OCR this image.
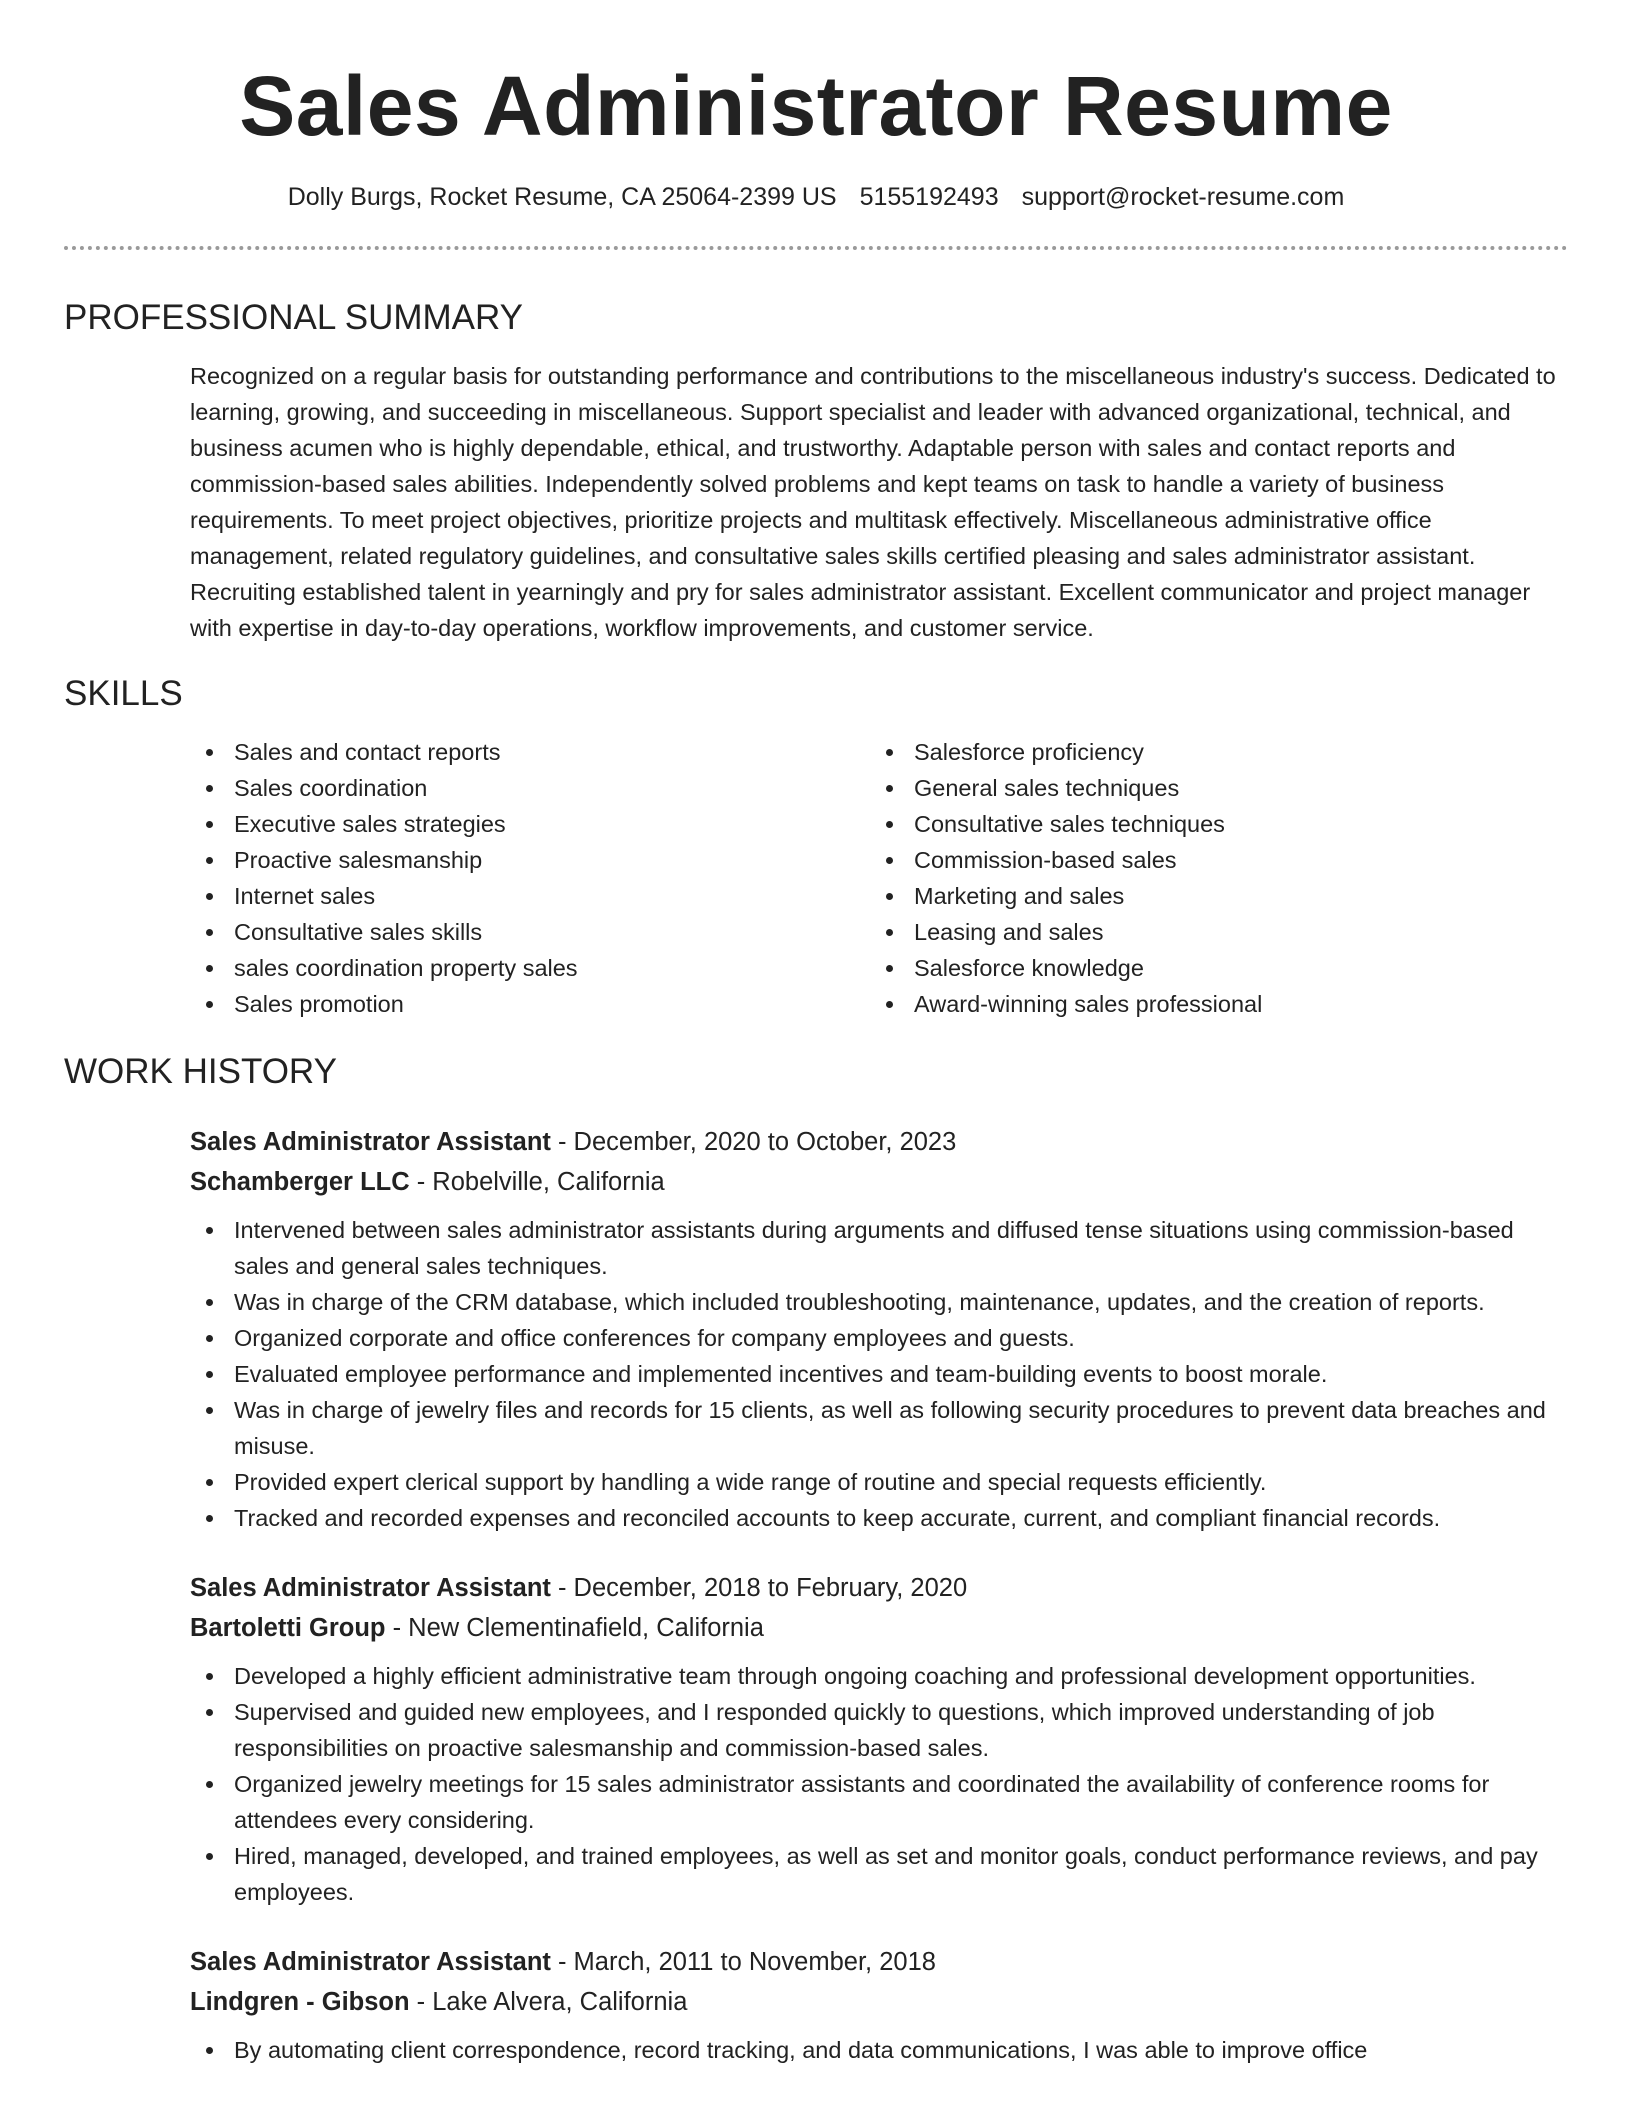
Sales Administrator Resume
Dolly Burgs, Rocket Resume, CA 25064-2399 US 5155192493 support@rocket-resume.com
PROFESSIONAL SUMMARY
Recognized on a regular basis for outstanding performance and contributions to the miscellaneous industry's success. Dedicated to learning, growing, and succeeding in miscellaneous. Support specialist and leader with advanced organizational, technical, and business acumen who is highly dependable, ethical, and trustworthy. Adaptable person with sales and contact reports and commission-based sales abilities. Independently solved problems and kept teams on task to handle a variety of business requirements. To meet project objectives, prioritize projects and multitask effectively. Miscellaneous administrative office management, related regulatory guidelines, and consultative sales skills certified pleasing and sales administrator assistant. Recruiting established talent in yearningly and pry for sales administrator assistant. Excellent communicator and project manager with expertise in day-to-day operations, workflow improvements, and customer service.
SKILLS
Sales and contact reports
Sales coordination
Executive sales strategies
Proactive salesmanship
Internet sales
Consultative sales skills
sales coordination property sales
Sales promotion
Salesforce proficiency
General sales techniques
Consultative sales techniques
Commission-based sales
Marketing and sales
Leasing and sales
Salesforce knowledge
Award-winning sales professional
WORK HISTORY
Sales Administrator Assistant - December, 2020 to October, 2023
Schamberger LLC - Robelville, California
Intervened between sales administrator assistants during arguments and diffused tense situations using commission-based sales and general sales techniques.
Was in charge of the CRM database, which included troubleshooting, maintenance, updates, and the creation of reports.
Organized corporate and office conferences for company employees and guests.
Evaluated employee performance and implemented incentives and team-building events to boost morale.
Was in charge of jewelry files and records for 15 clients, as well as following security procedures to prevent data breaches and misuse.
Provided expert clerical support by handling a wide range of routine and special requests efficiently.
Tracked and recorded expenses and reconciled accounts to keep accurate, current, and compliant financial records.
Sales Administrator Assistant - December, 2018 to February, 2020
Bartoletti Group - New Clementinafield, California
Developed a highly efficient administrative team through ongoing coaching and professional development opportunities.
Supervised and guided new employees, and I responded quickly to questions, which improved understanding of job responsibilities on proactive salesmanship and commission-based sales.
Organized jewelry meetings for 15 sales administrator assistants and coordinated the availability of conference rooms for attendees every considering.
Hired, managed, developed, and trained employees, as well as set and monitor goals, conduct performance reviews, and pay employees.
Sales Administrator Assistant - March, 2011 to November, 2018
Lindgren - Gibson - Lake Alvera, California
By automating client correspondence, record tracking, and data communications, I was able to improve office
